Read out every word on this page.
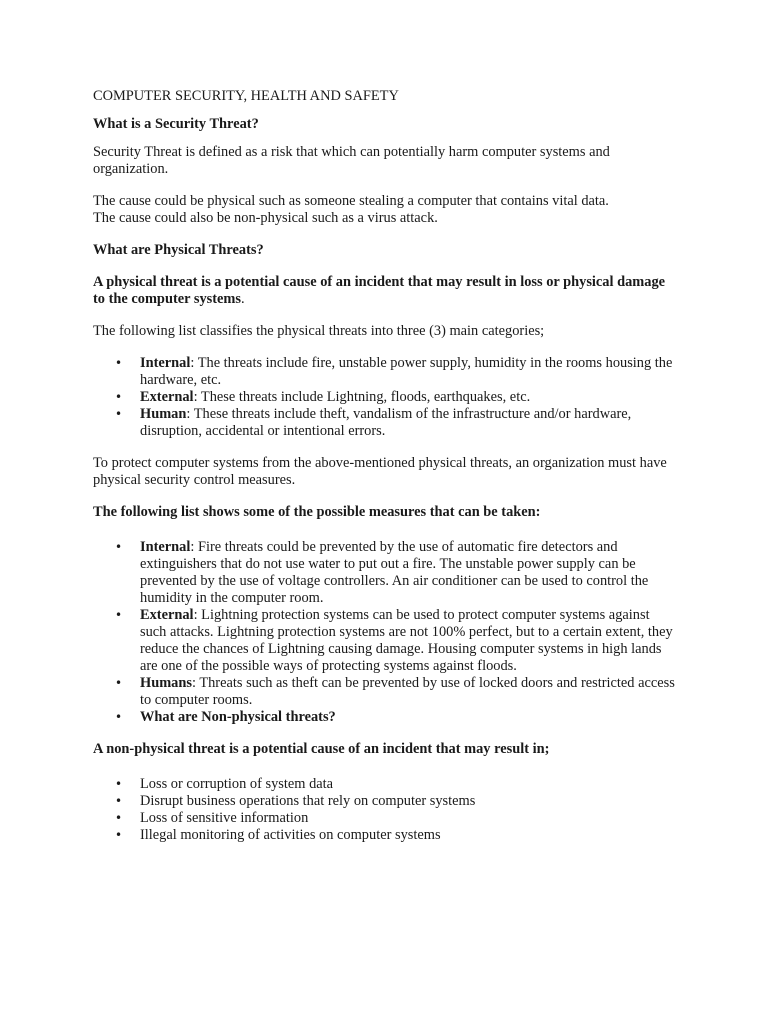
COMPUTER SECURITY, HEALTH AND SAFETY

What is a Security Threat?

Security Threat is defined as a risk that which can potentially harm computer systems and organization.

The cause could be physical such as someone stealing a computer that contains vital data.
The cause could also be non-physical such as a virus attack.

What are Physical Threats?

A physical threat is a potential cause of an incident that may result in loss or physical damage to the computer systems.

The following list classifies the physical threats into three (3) main categories;

• Internal: The threats include fire, unstable power supply, humidity in the rooms housing the hardware, etc.
• External: These threats include Lightning, floods, earthquakes, etc.
• Human: These threats include theft, vandalism of the infrastructure and/or hardware, disruption, accidental or intentional errors.

To protect computer systems from the above-mentioned physical threats, an organization must have physical security control measures.

The following list shows some of the possible measures that can be taken:

• Internal: Fire threats could be prevented by the use of automatic fire detectors and extinguishers that do not use water to put out a fire. The unstable power supply can be prevented by the use of voltage controllers. An air conditioner can be used to control the humidity in the computer room.
• External: Lightning protection systems can be used to protect computer systems against such attacks. Lightning protection systems are not 100% perfect, but to a certain extent, they reduce the chances of Lightning causing damage. Housing computer systems in high lands are one of the possible ways of protecting systems against floods.
• Humans: Threats such as theft can be prevented by use of locked doors and restricted access to computer rooms.
• What are Non-physical threats?

A non-physical threat is a potential cause of an incident that may result in;

• Loss or corruption of system data
• Disrupt business operations that rely on computer systems
• Loss of sensitive information
• Illegal monitoring of activities on computer systems
